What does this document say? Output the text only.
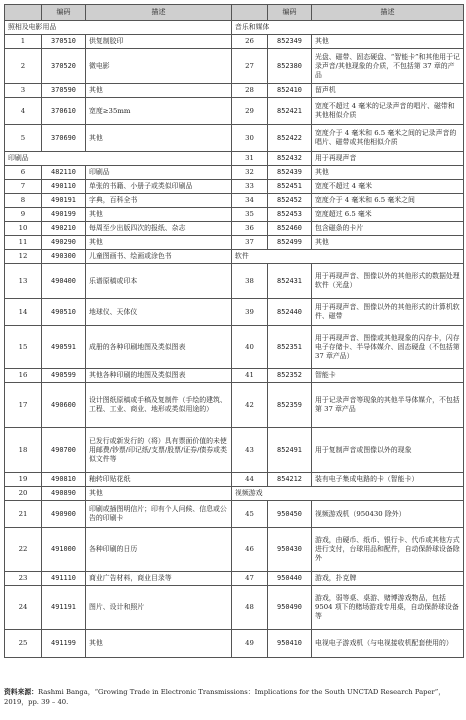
	编码	描述		编码	描述
照相及电影用品			音乐和媒体		
1	370510	供复制胶印	26	852349	其他
2	370520	微电影	27	852380	光盘、磁带、固态硬盘、“智能卡”和其他用于记录声音/其他现象的介质，不包括第 37 章的产品
3	370590	其他	28	852410	留声机
4	370610	宽度≥35mm	29	852421	宽度不超过 4 毫米的记录声音的唱片、磁带和其他相似介质
5	370690	其他	30	852422	宽度介于 4 毫米和 6.5 毫米之间的记录声音的唱片、磁带或其他相似介质
印刷品			31	852432	用于再现声音
6	482110	印刷品	32	852439	其他
7	490110	单张的书籍、小册子或类似印刷品	33	852451	宽度不超过 4 毫米
8	490191	字典，百科全书	34	852452	宽度介于 4 毫米和 6.5 毫米之间
9	490199	其他	35	852453	宽度超过 6.5 毫米
10	490210	每周至少出版四次的报纸、杂志	36	852460	包含磁条的卡片
11	490290	其他	37	852499	其他
12	490300	儿童图画书、绘画或涂色书	软件		
13	490400	乐谱原稿或印本	38	852431	用于再现声音、图像以外的其他形式的数据处理软件（光盘）
14	490510	地球仪、天体仪	39	852440	用于再现声音、图像以外的其他形式的计算机软件、磁带
15	490591	成册的各种印刷地图及类似图表	40	852351	用于再现声音、图像或其他现象的闪存卡，闪存电子存储卡、半导体媒介、固态硬盘（不包括第 37 章产品）
16	490599	其他各种印刷的地图及类似图表	41	852352	智能卡
17	490600	设计图纸原稿或手稿及复制件（手绘的建筑、工程、工业、商业、地形或类似用途的）	42	852359	用于记录声音等现象的其他半导体媒介，不包括第 37 章产品
18	490700	已发行或新发行的（将）具有票面价值的未使用邮费/钞票/印记纸/支票/股票/证券/债券或类似文件等	43	852491	用于复制声音或图像以外的现象
19	490810	釉转印贴花纸	44	854212	装有电子集成电路的卡（智能卡）
20	490890	其他	视频游戏		
21	490900	印刷或插图明信片；印有个人问候、信息或公告的印刷卡	45	950450	视频游戏机（950430 除外）
22	491000	各种印刷的日历	46	950430	游戏，由硬币、纸币、银行卡、代币或其他方式进行支付，台球用品和配件，自动保龄球设备除外
23	491110	商业广告材料，商业目录等	47	950440	游戏，扑克牌
24	491191	图片、设计和照片	48	950490	游戏，弱等桌、桌游、赌博游戏物品，包括 9504 项下的赌场游戏专用桌，自动保龄球设备等
25	491199	其他	49	950410	电视电子游戏机（与电视接收机配套使用的）
资料来源：Rashmi Banga，“Growing Trade in Electronic Transmissions：Implications for the South UNCTAD Research Paper”，2019，pp. 39 – 40.
